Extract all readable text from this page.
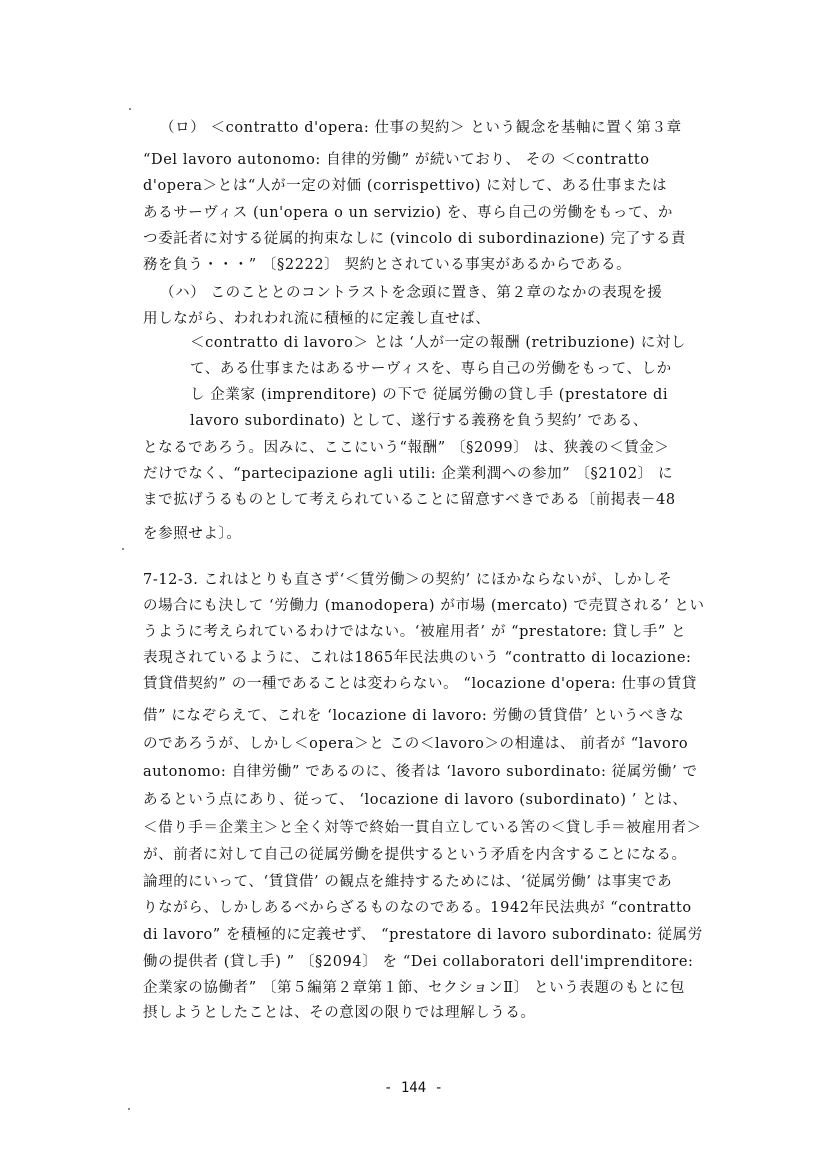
（ロ） ＜contratto d'opera: 仕事の契約＞ という観念を基軸に置く第３章
“Del lavoro autonomo: 自律的労働” が続いており、 その ＜contratto
d'opera＞とは“人が一定の対価 (corrispettivo) に対して、ある仕事または
あるサーヴィス (un'opera o un servizio) を、専ら自己の労働をもって、か
つ委託者に対する従属的拘束なしに (vincolo di subordinazione) 完了する責
務を負う・・・” 〔§2222〕 契約とされている事実があるからである。
（ハ） このこととのコントラストを念頭に置き、第２章のなかの表現を援
用しながら、われわれ流に積極的に定義し直せば、
＜contratto di lavoro＞ とは ‘人が一定の報酬 (retribuzione) に対し
て、ある仕事またはあるサーヴィスを、専ら自己の労働をもって、しか
し 企業家 (imprenditore) の下で 従属労働の貸し手 (prestatore di
lavoro subordinato) として、遂行する義務を負う契約’ である、
となるであろう。因みに、ここにいう“報酬” 〔§2099〕 は、狭義の＜賃金＞
だけでなく、“partecipazione agli utili: 企業利潤への参加” 〔§2102〕 に
まで拡げうるものとして考えられていることに留意すべきである〔前掲表－48
を参照せよ〕。
7-12-3. これはとりも直さず‘＜賃労働＞の契約’ にほかならないが、しかしそ
の場合にも決して ‘労働力 (manodopera) が市場 (mercato) で売買される’ とい
うように考えられているわけではない。‘被雇用者’ が “prestatore: 貸し手” と
表現されているように、これは1865年民法典のいう “contratto di locazione:
賃貸借契約” の一種であることは変わらない。 “locazione d'opera: 仕事の賃貸
借” になぞらえて、これを ‘locazione di lavoro: 労働の賃貸借’ というべきな
のであろうが、しかし＜opera＞と この＜lavoro＞の相違は、 前者が “lavoro
autonomo: 自律労働” であるのに、後者は ‘lavoro subordinato: 従属労働’ で
あるという点にあり、従って、 ‘locazione di lavoro (subordinato) ’ とは、
＜借り手＝企業主＞と全く対等で終始一貫自立している筈の＜貸し手＝被雇用者＞
が、前者に対して自己の従属労働を提供するという矛盾を内含することになる。
論理的にいって、‘賃貸借’ の観点を維持するためには、‘従属労働’ は事実であ
りながら、しかしあるべからざるものなのである。1942年民法典が “contratto
di lavoro” を積極的に定義せず、 “prestatore di lavoro subordinato: 従属労
働の提供者 (貸し手) ” 〔§2094〕 を “Dei collaboratori dell'imprenditore:
企業家の協働者” 〔第５編第２章第１節、セクションⅡ〕 という表題のもとに包
摂しようとしたことは、その意図の限りでは理解しうる。
- 144 -
